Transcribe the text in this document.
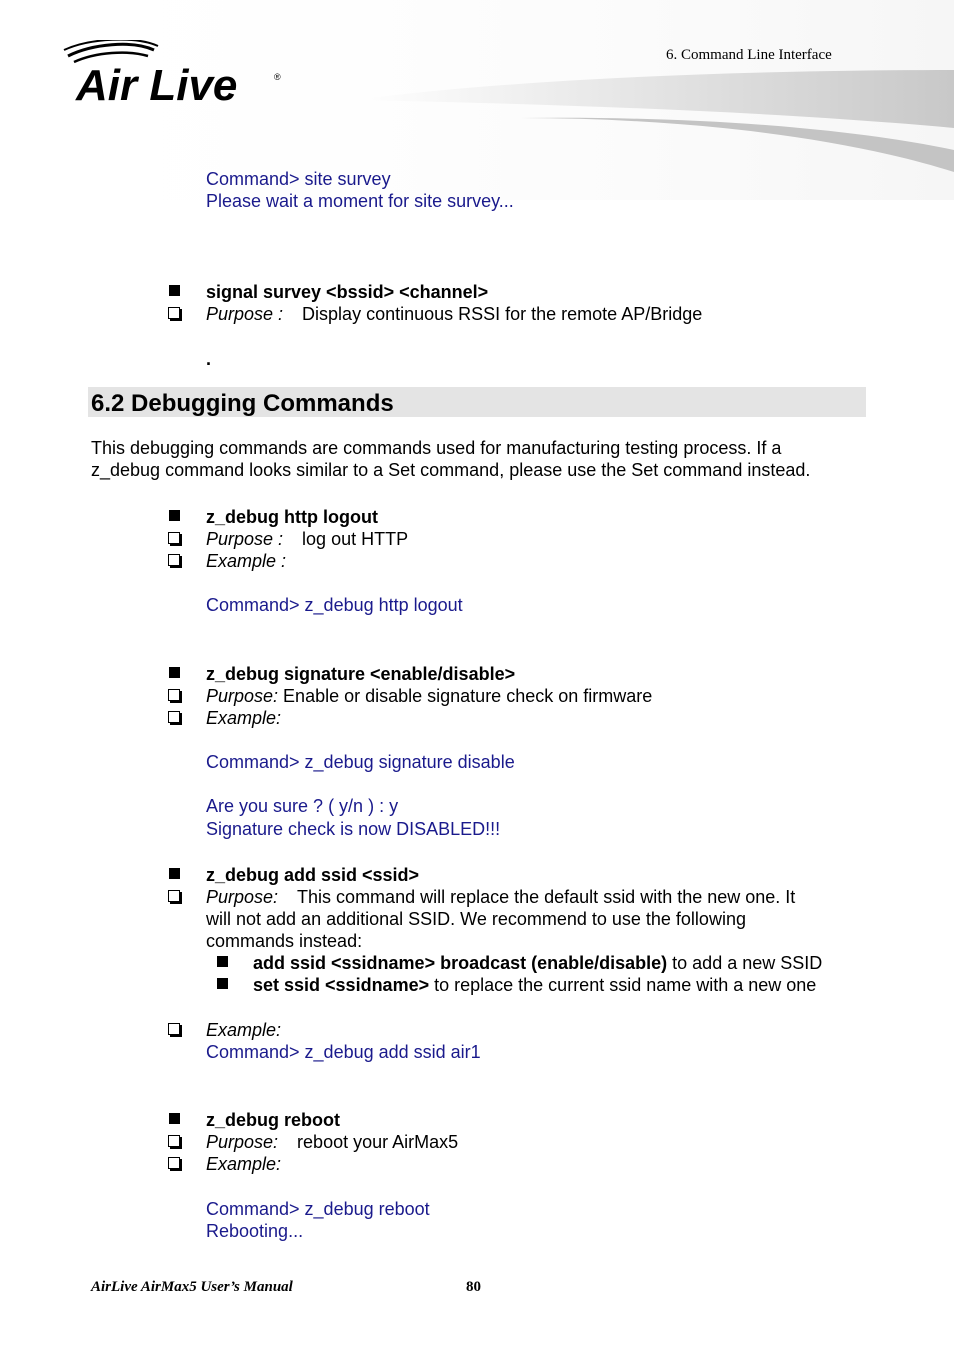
Air Live	®
6. Command Line Interface
Command> site survey
Please wait a moment for site survey...
signal survey <bssid> <channel>
Purpose : Display continuous RSSI for the remote AP/Bridge
.
6.2 Debugging Commands
This debugging commands are commands used for manufacturing testing process. If a
z_debug command looks similar to a Set command, please use the Set command instead.
z_debug http logout
Purpose : log out HTTP
Example :
Command> z_debug http logout
z_debug signature <enable/disable>
Purpose: Enable or disable signature check on firmware
Example:
Command> z_debug signature disable
Are you sure ? ( y/n ) : y
Signature check is now DISABLED!!!
z_debug add ssid <ssid>
Purpose: This command will replace the default ssid with the new one. It
will not add an additional SSID. We recommend to use the following
commands instead:
add ssid <ssidname> broadcast (enable/disable) to add a new SSID
set ssid <ssidname> to replace the current ssid name with a new one
Example:
Command> z_debug add ssid air1
z_debug reboot
Purpose: reboot your AirMax5
Example:
Command> z_debug reboot
Rebooting...
AirLive AirMax5 User’s Manual	80
